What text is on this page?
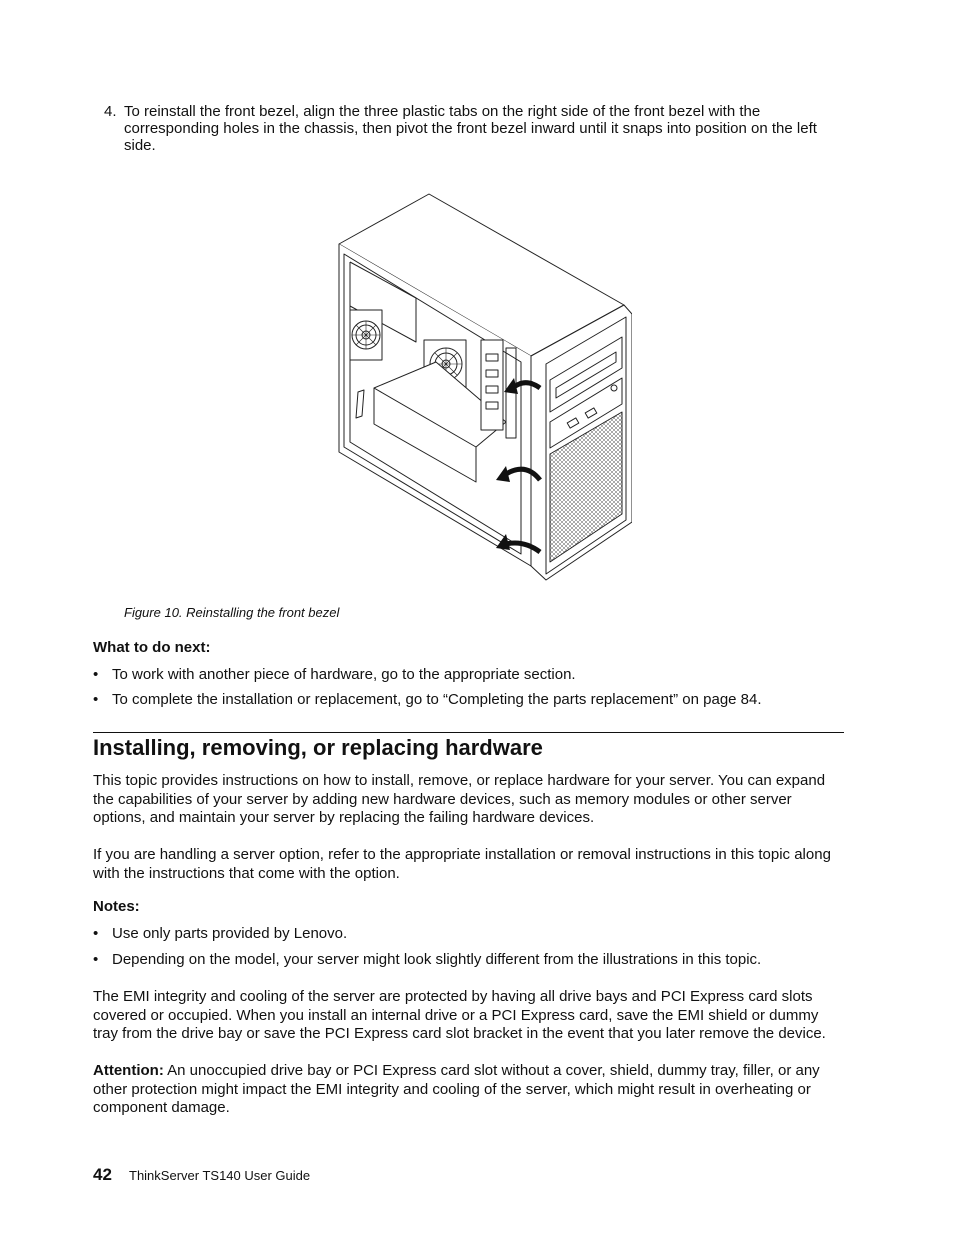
4. To reinstall the front bezel, align the three plastic tabs on the right side of the front bezel with the corresponding holes in the chassis, then pivot the front bezel inward until it snaps into position on the left side.
Figure 10. Reinstalling the front bezel
What to do next:
• To work with another piece of hardware, go to the appropriate section.
• To complete the installation or replacement, go to “Completing the parts replacement” on page 84.
Installing, removing, or replacing hardware
This topic provides instructions on how to install, remove, or replace hardware for your server. You can expand the capabilities of your server by adding new hardware devices, such as memory modules or other server options, and maintain your server by replacing the failing hardware devices.
If you are handling a server option, refer to the appropriate installation or removal instructions in this topic along with the instructions that come with the option.
Notes:
• Use only parts provided by Lenovo.
• Depending on the model, your server might look slightly different from the illustrations in this topic.
The EMI integrity and cooling of the server are protected by having all drive bays and PCI Express card slots covered or occupied. When you install an internal drive or a PCI Express card, save the EMI shield or dummy tray from the drive bay or save the PCI Express card slot bracket in the event that you later remove the device.
Attention: An unoccupied drive bay or PCI Express card slot without a cover, shield, dummy tray, filler, or any other protection might impact the EMI integrity and cooling of the server, which might result in overheating or component damage.
42 ThinkServer TS140 User Guide
